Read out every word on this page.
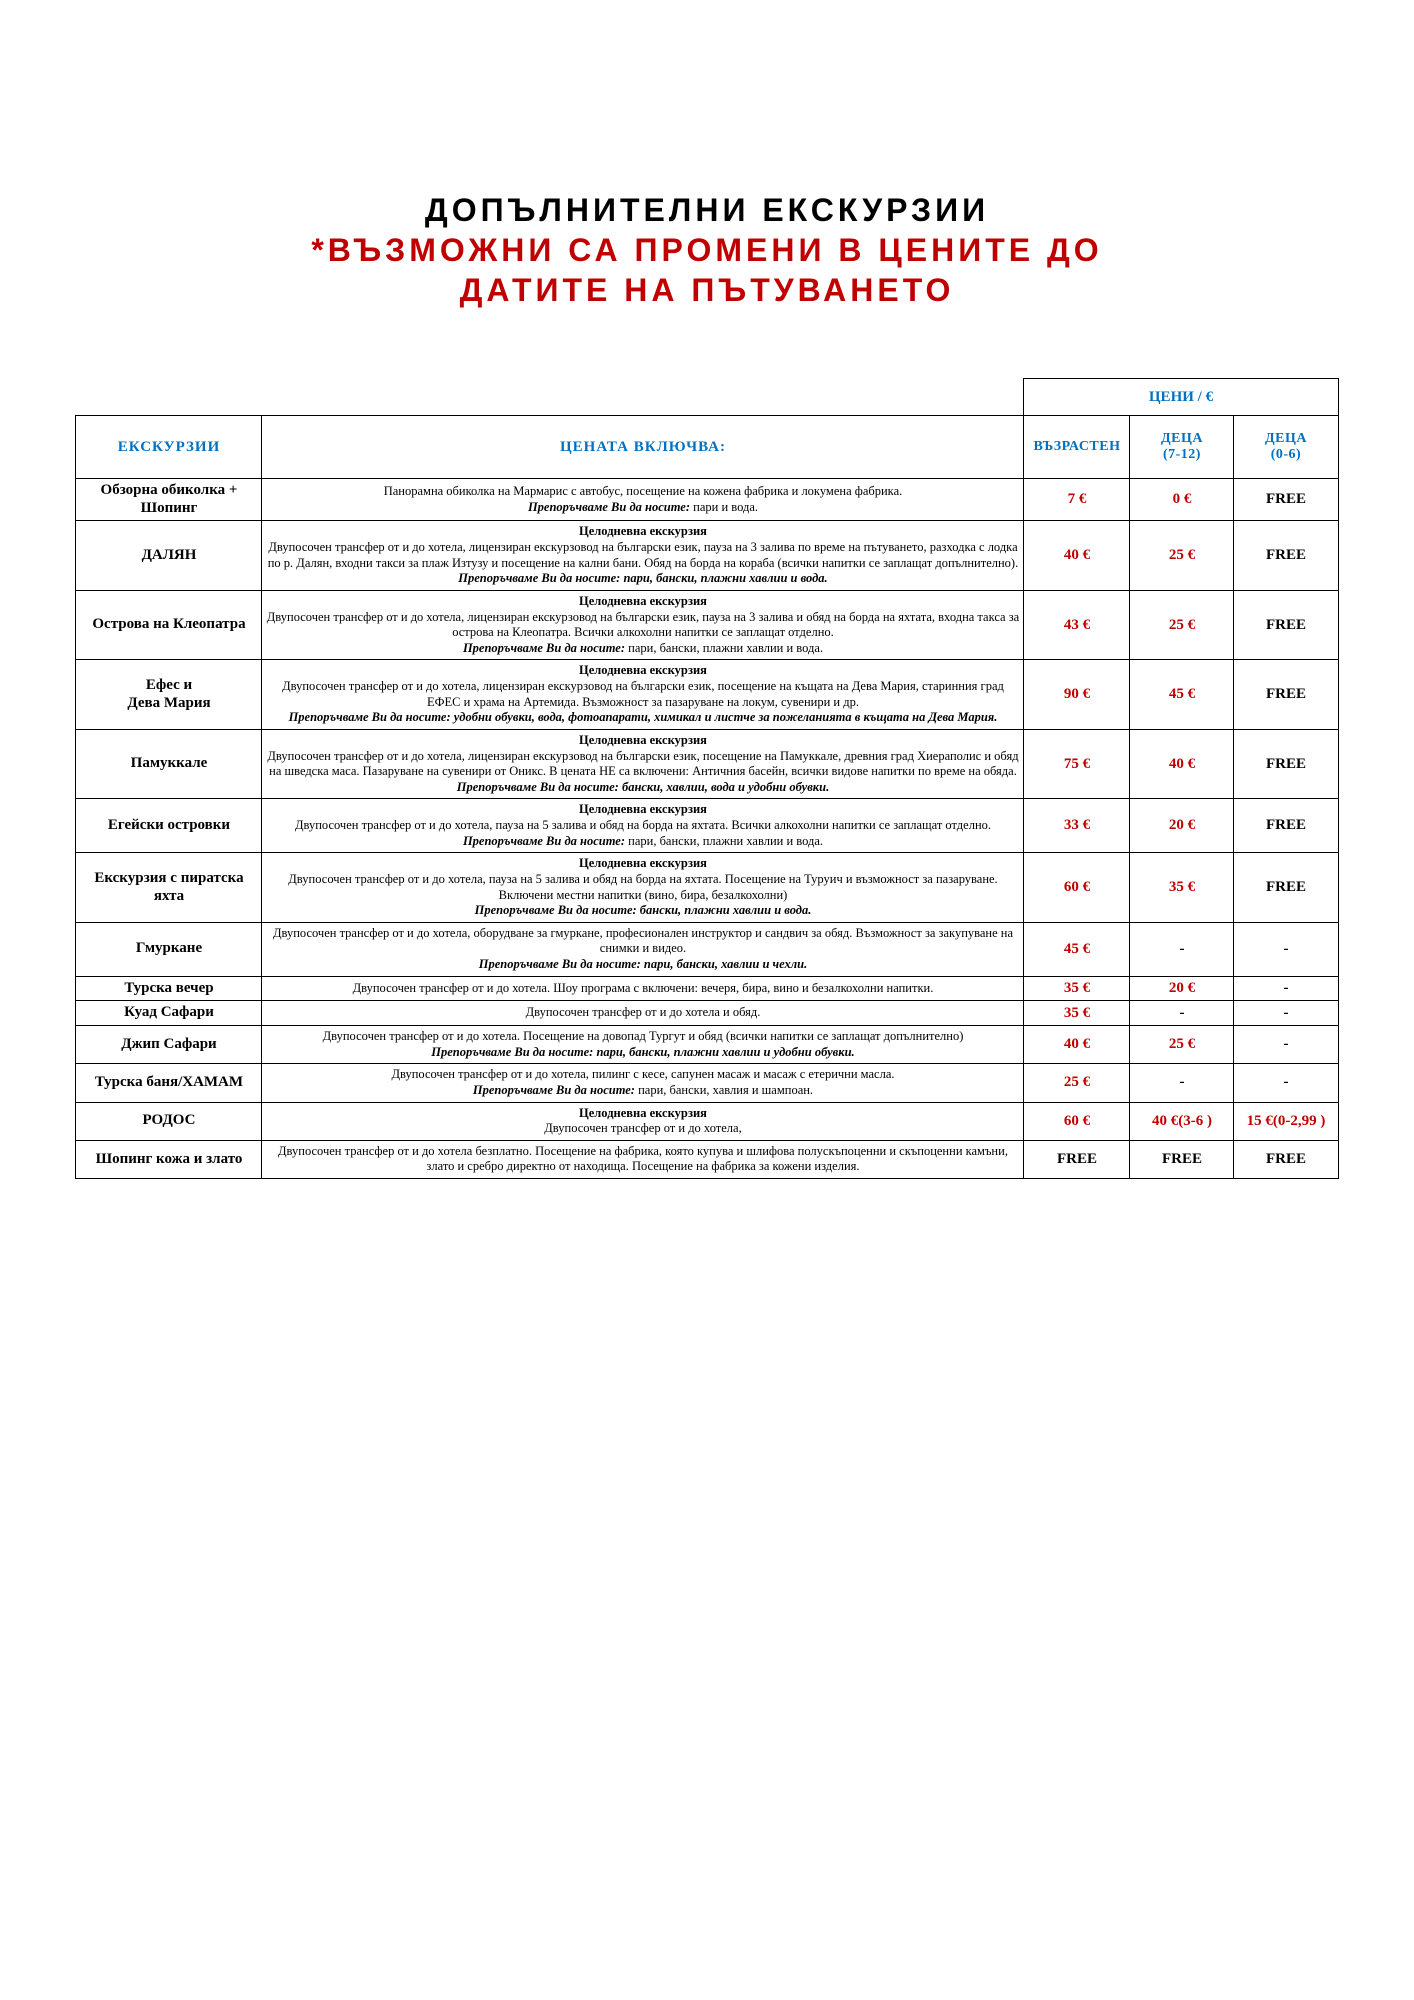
ДОПЪЛНИТЕЛНИ ЕКСКУРЗИИ
*ВЪЗМОЖНИ СА ПРОМЕНИ В ЦЕНИТЕ ДО
ДАТИТЕ НА ПЪТУВАНЕТО
		ЦЕНИ / €		
ЕКСКУРЗИИ	ЦЕНАТА ВКЛЮЧВА:	ВЪЗРАСТЕН	ДЕЦА
(7-12)	ДЕЦА
(0-6)
Обзорна обиколка + Шопинг	Панорамна обиколка на Мармарис с автобус, посещение на кожена фабрика и локумена фабрика.
Препоръчваме Ви да носите: пари и вода.	7 €	0 €	FREE
ДАЛЯН	Целодневна екскурзия
Двупосочен трансфер от и до хотела, лицензиран екскурзовод на български език, пауза на 3 залива по време на пътуването, разходка с лодка по р. Далян, входни такси за плаж Изтузу и посещение на кални бани. Обяд на борда на кораба (всички напитки се заплащат допълнително).
Препоръчваме Ви да носите: пари, бански, плажни хавлии и вода.	40 €	25 €	FREE
Острова на Клеопатра	Целодневна екскурзия
Двупосочен трансфер от и до хотела, лицензиран екскурзовод на български език, пауза на 3 залива и обяд на борда на яхтата, входна такса за острова на Клеопатра. Всички алкохолни напитки се заплащат отделно.
Препоръчваме Ви да носите: пари, бански, плажни хавлии и вода.	43 €	25 €	FREE
Ефес и
Дева Мария	Целодневна екскурзия
Двупосочен трансфер от и до хотела, лицензиран екскурзовод на български език, посещение на къщата на Дева Мария, старинния град ЕФЕС и храма на Артемида. Възможност за пазаруване на локум, сувенири и др.
Препоръчваме Ви да носите: удобни обувки, вода, фотоапарати, химикал и листче за пожеланията в къщата на Дева Мария.	90 €	45 €	FREE
Памуккале	Целодневна екскурзия
Двупосочен трансфер от и до хотела, лицензиран екскурзовод на български език, посещение на Памуккале, древния град Хиераполис и обяд на шведска маса. Пазаруване на сувенири от Оникс. В цената НЕ са включени: Античния басейн, всички видове напитки по време на обяда.
Препоръчваме Ви да носите: бански, хавлии, вода и удобни обувки.	75 €	40 €	FREE
Егейски островки	Целодневна екскурзия
Двупосочен трансфер от и до хотела, пауза на 5 залива и обяд на борда на яхтата. Всички алкохолни напитки се заплащат отделно.
Препоръчваме Ви да носите: пари, бански, плажни хавлии и вода.	33 €	20 €	FREE
Екскурзия с пиратска яхта	Целодневна екскурзия
Двупосочен трансфер от и до хотела, пауза на 5 залива и обяд на борда на яхтата. Посещение на Туруич и възможност за пазаруване. Включени местни напитки (вино, бира, безалкохолни)
Препоръчваме Ви да носите: бански, плажни хавлии и вода.	60 €	35 €	FREE
Гмуркане	Двупосочен трансфер от и до хотела, оборудване за гмуркане, професионален инструктор и сандвич за обяд. Възможност за закупуване на снимки и видео.
Препоръчваме Ви да носите: пари, бански, хавлии и чехли.	45 €	-	-
Турска вечер	Двупосочен трансфер от и до хотела. Шоу програма с включени: вечеря, бира, вино и безалкохолни напитки.	35 €	20 €	-
Куад Сафари	Двупосочен трансфер от и до хотела и обяд.	35 €	-	-
Джип Сафари	Двупосочен трансфер от и до хотела. Посещение на довопад Тургут и обяд (всички напитки се заплащат допълнително)
Препоръчваме Ви да носите: пари, бански, плажни хавлии и удобни обувки.	40 €	25 €	-
Турска баня/ХАМАМ	Двупосочен трансфер от и до хотела, пилинг с кесе, сапунен масаж и масаж с етерични масла.
Препоръчваме Ви да носите: пари, бански, хавлия и шампоан.	25 €	-	-
РОДОС	Целодневна екскурзия
Двупосочен трансфер от и до хотела,	60 €	40 €(3-6 )	15 €(0-2,99 )
Шопинг кожа и злато	Двупосочен трансфер от и до хотела безплатно. Посещение на фабрика, която купува и шлифова полускъпоценни и скъпоценни камъни, злато и сребро директно от находища. Посещение на фабрика за кожени изделия.	FREE	FREE	FREE
